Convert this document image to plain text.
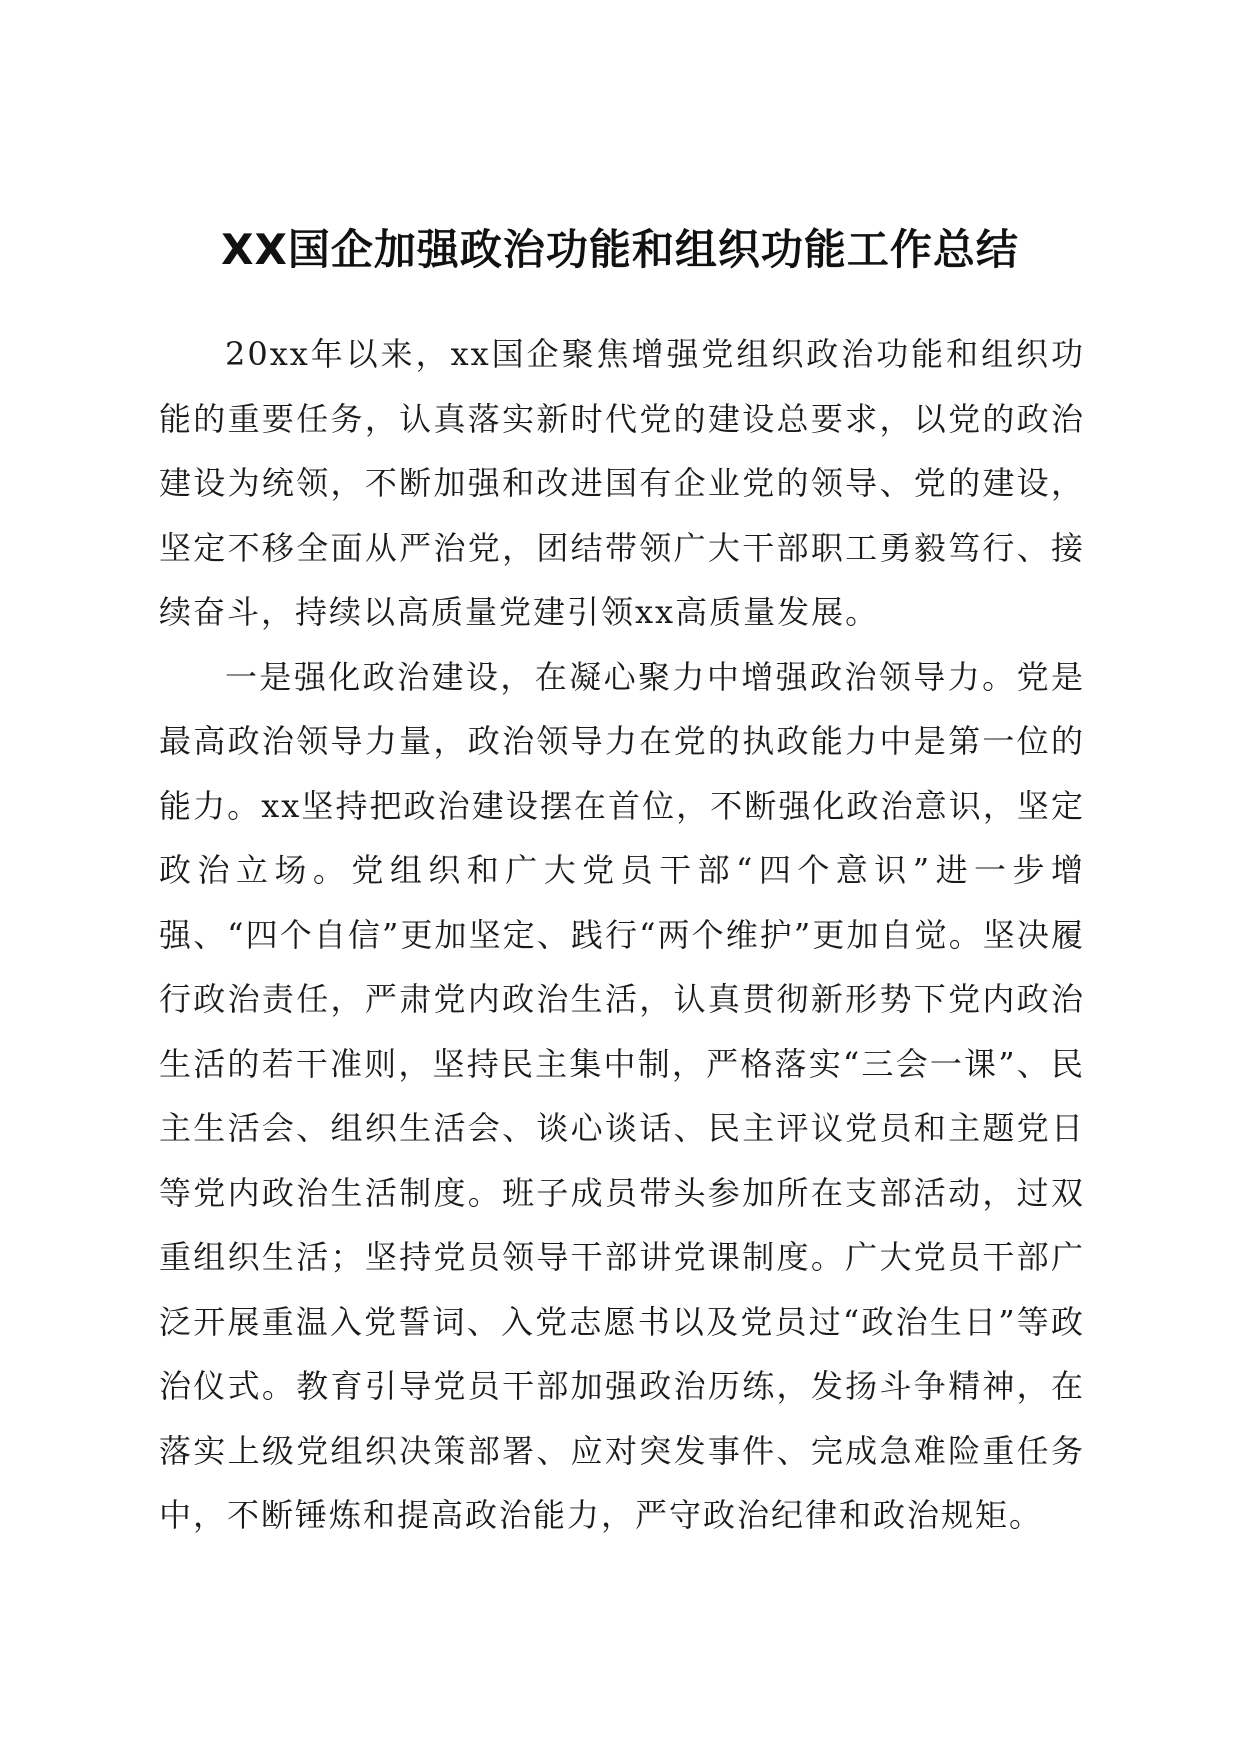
XX国企加强政治功能和组织功能工作总结

20xx年以来，xx国企聚焦增强党组织政治功能和组织功能的重要任务，认真落实新时代党的建设总要求，以党的政治建设为统领，不断加强和改进国有企业党的领导、党的建设，坚定不移全面从严治党，团结带领广大干部职工勇毅笃行、接续奋斗，持续以高质量党建引领xx高质量发展。

一是强化政治建设，在凝心聚力中增强政治领导力。党是最高政治领导力量，政治领导力在党的执政能力中是第一位的能力。xx坚持把政治建设摆在首位，不断强化政治意识，坚定政治立场。党组织和广大党员干部“四个意识”进一步增强、“四个自信”更加坚定、践行“两个维护”更加自觉。坚决履行政治责任，严肃党内政治生活，认真贯彻新形势下党内政治生活的若干准则，坚持民主集中制，严格落实“三会一课”、民主生活会、组织生活会、谈心谈话、民主评议党员和主题党日等党内政治生活制度。班子成员带头参加所在支部活动，过双重组织生活；坚持党员领导干部讲党课制度。广大党员干部广泛开展重温入党誓词、入党志愿书以及党员过“政治生日”等政治仪式。教育引导党员干部加强政治历练，发扬斗争精神，在落实上级党组织决策部署、应对突发事件、完成急难险重任务中，不断锤炼和提高政治能力，严守政治纪律和政治规矩。
